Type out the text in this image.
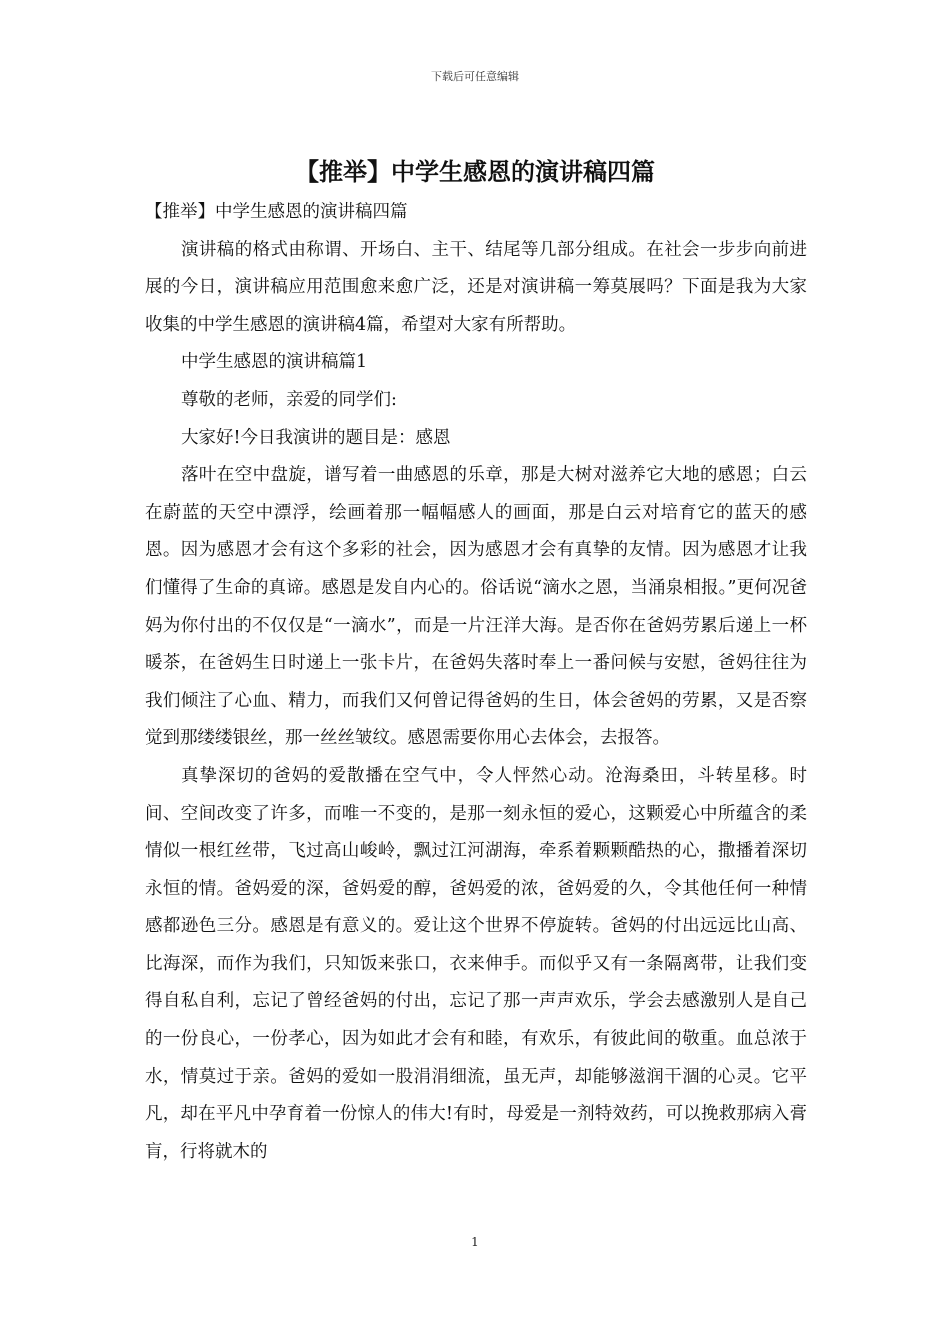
下载后可任意编辑
【推举】中学生感恩的演讲稿四篇

【推举】中学生感恩的演讲稿四篇

演讲稿的格式由称谓、开场白、主干、结尾等几部分组成。在社会一步步向前进展的今日，演讲稿应用范围愈来愈广泛，还是对演讲稿一筹莫展吗？下面是我为大家收集的中学生感恩的演讲稿4篇，希望对大家有所帮助。

中学生感恩的演讲稿篇1

尊敬的老师，亲爱的同学们:

大家好!今日我演讲的题目是：感恩

落叶在空中盘旋，谱写着一曲感恩的乐章，那是大树对滋养它大地的感恩；白云在蔚蓝的天空中漂浮，绘画着那一幅幅感人的画面，那是白云对培育它的蓝天的感恩。因为感恩才会有这个多彩的社会，因为感恩才会有真挚的友情。因为感恩才让我们懂得了生命的真谛。感恩是发自内心的。俗话说“滴水之恩，当涌泉相报。”更何况爸妈为你付出的不仅仅是“一滴水”，而是一片汪洋大海。是否你在爸妈劳累后递上一杯暖茶，在爸妈生日时递上一张卡片，在爸妈失落时奉上一番问候与安慰，爸妈往往为我们倾注了心血、精力，而我们又何曾记得爸妈的生日，体会爸妈的劳累，又是否察觉到那缕缕银丝，那一丝丝皱纹。感恩需要你用心去体会，去报答。

真挚深切的爸妈的爱散播在空气中，令人怦然心动。沧海桑田，斗转星移。时间、空间改变了许多，而唯一不变的，是那一刻永恒的爱心，这颗爱心中所蕴含的柔情似一根红丝带，飞过高山峻岭，飘过江河湖海，牵系着颗颗酷热的心，撒播着深切永恒的情。爸妈爱的深，爸妈爱的醇，爸妈爱的浓，爸妈爱的久，令其他任何一种情感都逊色三分。感恩是有意义的。爱让这个世界不停旋转。爸妈的付出远远比山高、比海深，而作为我们，只知饭来张口，衣来伸手。而似乎又有一条隔离带，让我们变得自私自利，忘记了曾经爸妈的付出，忘记了那一声声欢乐，学会去感激别人是自己的一份良心，一份孝心，因为如此才会有和睦，有欢乐，有彼此间的敬重。血总浓于水，情莫过于亲。爸妈的爱如一股涓涓细流，虽无声，却能够滋润干涸的心灵。它平凡，却在平凡中孕育着一份惊人的伟大!有时，母爱是一剂特效药，可以挽救那病入膏肓，行将就木的

1
